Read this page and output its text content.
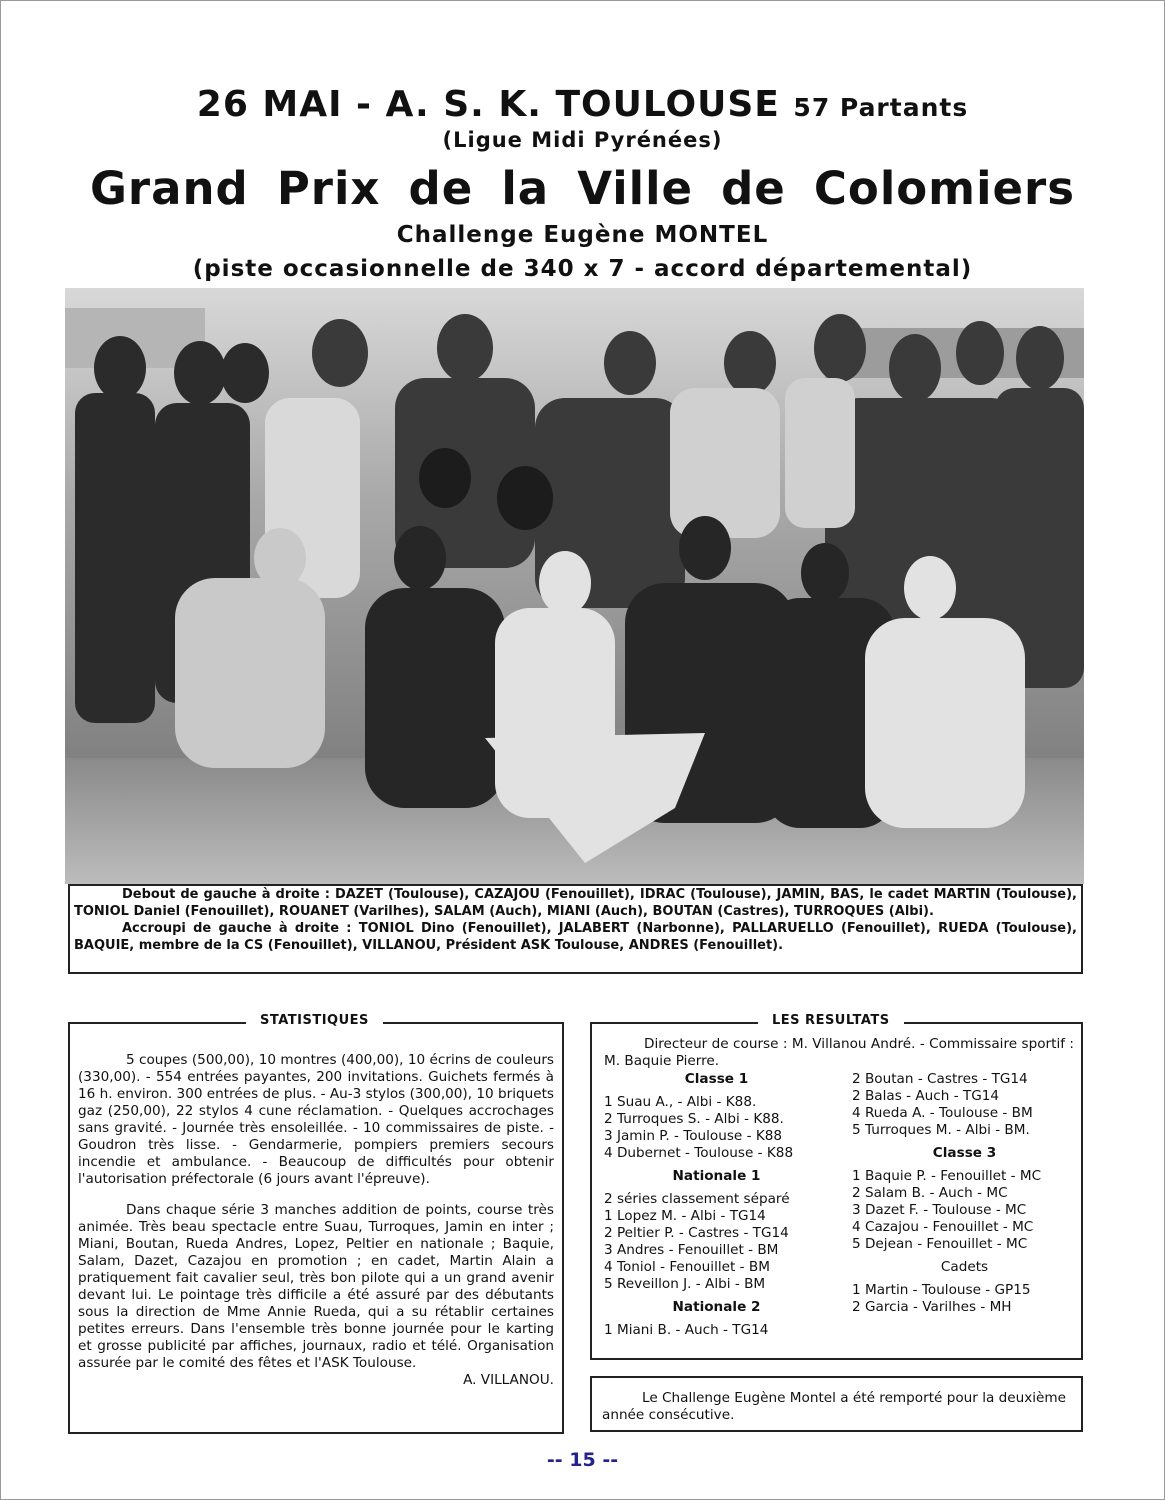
26 MAI - A. S. K. TOULOUSE 57 Partants
(Ligue Midi Pyrénées)
Grand Prix de la Ville de Colomiers
Challenge Eugène MONTEL
(piste occasionnelle de 340 x 7 - accord départemental)

Debout de gauche à droite : DAZET (Toulouse), CAZAJOU (Fenouillet), IDRAC (Toulouse), JAMIN, BAS, le cadet MARTIN (Toulouse), TONIOL Daniel (Fenouillet), ROUANET (Varilhes), SALAM (Auch), MIANI (Auch), BOUTAN (Castres), TURROQUES (Albi).

Accroupi de gauche à droite : TONIOL Dino (Fenouillet), JALABERT (Narbonne), PALLARUELLO (Fenouillet), RUEDA (Toulouse), BAQUIE, membre de la CS (Fenouillet), VILLANOU, Président ASK Toulouse, ANDRES (Fenouillet).

STATISTIQUES

5 coupes (500,00), 10 montres (400,00), 10 écrins de couleurs (330,00). - 554 entrées payantes, 200 invitations. Guichets fermés à 16 h. environ. 300 entrées de plus. - Au-3 stylos (300,00), 10 briquets gaz (250,00), 22 stylos 4 cune réclamation. - Quelques accrochages sans gravité. - Journée très ensoleillée. - 10 commissaires de piste. - Goudron très lisse. - Gendarmerie, pompiers premiers secours incendie et ambulance. - Beaucoup de difficultés pour obtenir l'autorisation préfectorale (6 jours avant l'épreuve).

Dans chaque série 3 manches addition de points, course très animée. Très beau spectacle entre Suau, Turroques, Jamin en inter ; Miani, Boutan, Rueda Andres, Lopez, Peltier en nationale ; Baquie, Salam, Dazet, Cazajou en promotion ; en cadet, Martin Alain a pratiquement fait cavalier seul, très bon pilote qui a un grand avenir devant lui. Le pointage très difficile a été assuré par des débutants sous la direction de Mme Annie Rueda, qui a su rétablir certaines petites erreurs. Dans l'ensemble très bonne journée pour le karting et grosse publicité par affiches, journaux, radio et télé. Organisation assurée par le comité des fêtes et l'ASK Toulouse.
A. VILLANOU.

LES RESULTATS
Directeur de course : M. Villanou André. - Commissaire sportif : M. Baquie Pierre.
Classe 1
1 Suau A., - Albi - K88.
2 Turroques S. - Albi - K88.
3 Jamin P. - Toulouse - K88
4 Dubernet - Toulouse - K88
Nationale 1
2 séries classement séparé
1 Lopez M. - Albi - TG14
2 Peltier P. - Castres - TG14
3 Andres - Fenouillet - BM
4 Toniol - Fenouillet - BM
5 Reveillon J. - Albi - BM
Nationale 2
1 Miani B. - Auch - TG14
2 Boutan - Castres - TG14
2 Balas - Auch - TG14
4 Rueda A. - Toulouse - BM
5 Turroques M. - Albi - BM.
Classe 3
1 Baquie P. - Fenouillet - MC
2 Salam B. - Auch - MC
3 Dazet F. - Toulouse - MC
4 Cazajou - Fenouillet - MC
5 Dejean - Fenouillet - MC
Cadets
1 Martin - Toulouse - GP15
2 Garcia - Varilhes - MH
Le Challenge Eugène Montel a été remporté pour la deuxième année consécutive.
-- 15 --
